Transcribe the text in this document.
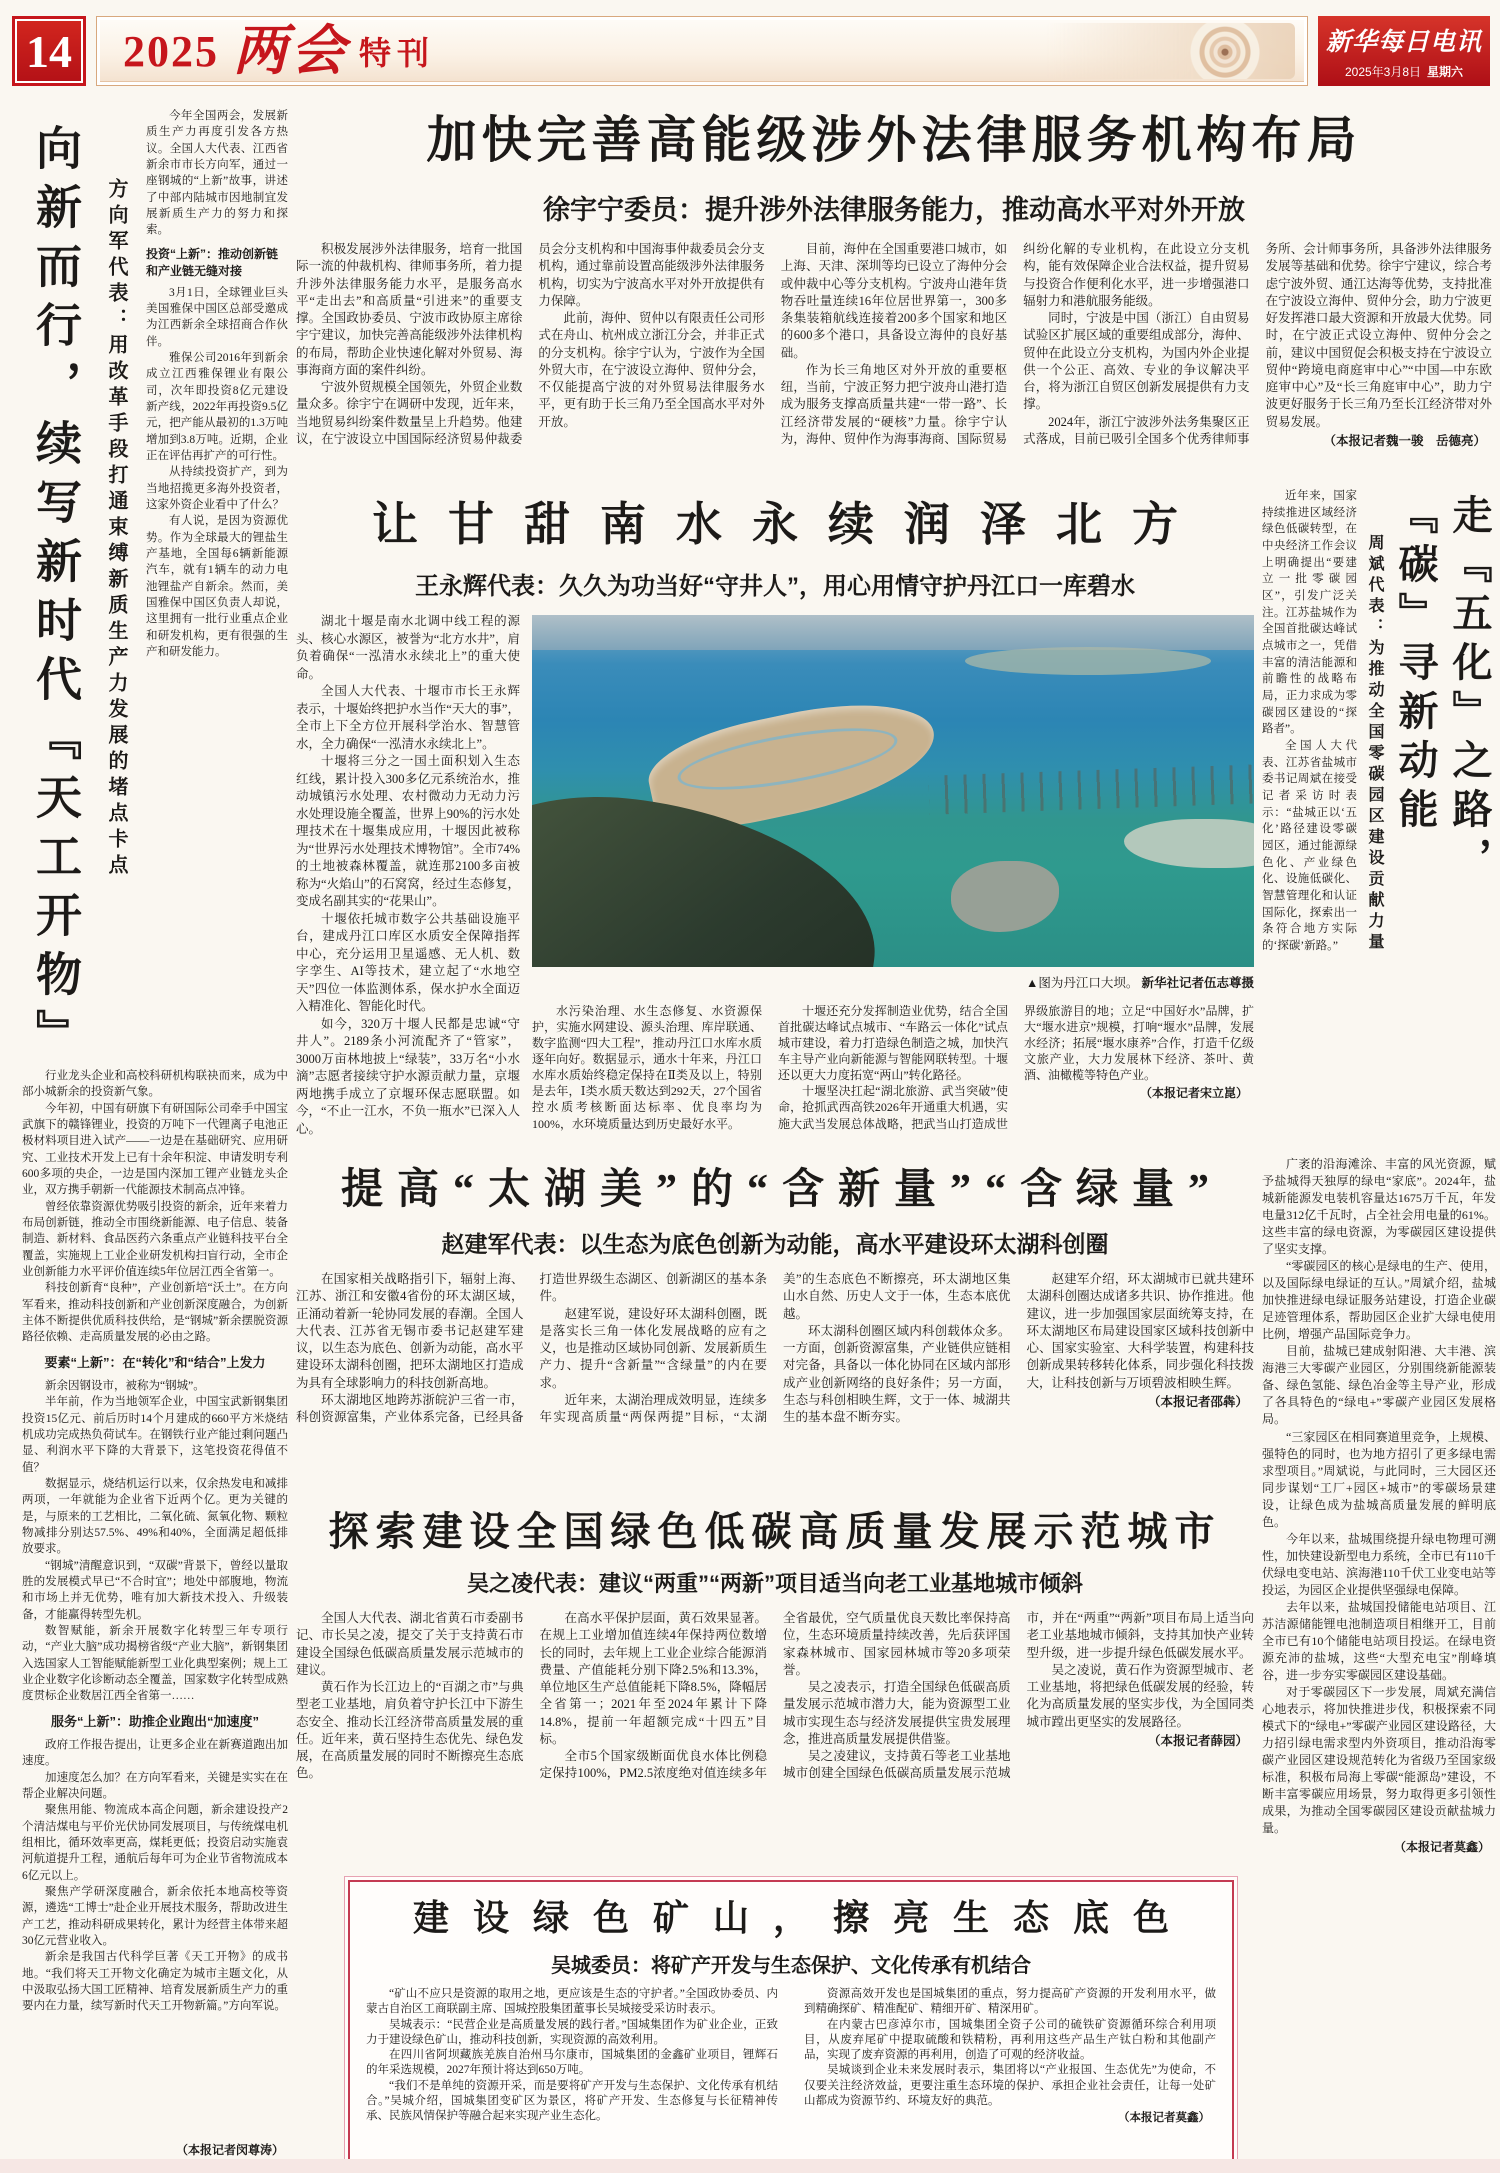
14	2025 两会 特刊	新华每日电讯
2025年3月8日 星期六
向新而行，续写新时代『天工开物』	方向军代表：用改革手段打通束缚新质生产力发展的堵点卡点

今年全国两会，发展新质生产力再度引发各方热议。全国人大代表、江西省新余市市长方向军，通过一座钢城的“上新”故事，讲述了中部内陆城市因地制宜发展新质生产力的努力和探索。

投资“上新”：推动创新链和产业链无缝对接

3月1日，全球锂业巨头美国雅保中国区总部受邀成为江西新余全球招商合作伙伴。

雅保公司2016年到新余成立江西雅保锂业有限公司，次年即投资8亿元建设新产线，2022年再投资9.5亿元，把产能从最初的1.3万吨增加到3.8万吨。近期，企业正在评估再扩产的可行性。

从持续投资扩产，到为当地招揽更多海外投资者，这家外资企业看中了什么？

有人说，是因为资源优势。作为全球最大的锂盐生产基地，全国每6辆新能源汽车，就有1辆车的动力电池锂盐产自新余。然而，美国雅保中国区负责人却说，这里拥有一批行业重点企业和研发机构，更有很强的生产和研发能力。

行业龙头企业和高校科研机构联袂而来，成为中部小城新余的投资新气象。

今年初，中国有研旗下有研国际公司牵手中国宝武旗下的赣锋锂业，投资的万吨下一代锂离子电池正极材料项目进入试产——一边是在基础研究、应用研究、工业技术开发上已有十余年积淀、申请发明专利600多项的央企，一边是国内深加工锂产业链龙头企业，双方携手朝新一代能源技术制高点冲锋。

曾经依靠资源优势吸引投资的新余，近年来着力布局创新链，推动全市围绕新能源、电子信息、装备制造、新材料、食品医药六条重点产业链科技平台全覆盖，实施规上工业企业研发机构扫盲行动，全市企业创新能力水平评价值连续5年位居江西全省第一。

科技创新育“良种”，产业创新培“沃土”。在方向军看来，推动科技创新和产业创新深度融合，为创新主体不断提供优质科技供给，是“钢城”新余摆脱资源路径依赖、走高质量发展的必由之路。

要素“上新”：在“转化”和“结合”上发力

新余因钢设市，被称为“钢城”。

半年前，作为当地领军企业，中国宝武新钢集团投资15亿元、前后历时14个月建成的660平方米烧结机成功完成热负荷试车。在钢铁行业产能过剩问题凸显、利润水平下降的大背景下，这笔投资花得值不值？

数据显示，烧结机运行以来，仅余热发电和减排两项，一年就能为企业省下近两个亿。更为关键的是，与原来的工艺相比，二氧化硫、氮氧化物、颗粒物减排分别达57.5%、49%和40%，全面满足超低排放要求。

“钢城”清醒意识到，“双碳”背景下，曾经以量取胜的发展模式早已“不合时宜”；地处中部腹地，物流和市场上并无优势，唯有加大新技术投入、升级装备，才能赢得转型先机。

数智赋能，新余开展数字化转型三年专项行动，“产业大脑”成功揭榜省级“产业大脑”，新钢集团入选国家人工智能赋能新型工业化典型案例；规上工业企业数字化诊断动态全覆盖，国家数字化转型成熟度贯标企业数居江西全省第一……

服务“上新”：助推企业跑出“加速度”

政府工作报告提出，让更多企业在新赛道跑出加速度。

加速度怎么加？在方向军看来，关键是实实在在帮企业解决问题。

聚焦用能、物流成本高企问题，新余建设投产2个清洁煤电与平价光伏协同发展项目，与传统煤电机组相比，循环效率更高，煤耗更低；投资启动实施袁河航道提升工程，通航后每年可为企业节省物流成本6亿元以上。

聚焦产学研深度融合，新余依托本地高校等资源，遴选“工博士”赴企业开展技术服务，帮助改进生产工艺，推动科研成果转化，累计为经营主体带来超30亿元营业收入。

新余是我国古代科学巨著《天工开物》的成书地。“我们将天工开物文化确定为城市主题文化，从中汲取弘扬大国工匠精神、培育发展新质生产力的重要内在力量，续写新时代天工开物新篇。”方向军说。

（本报记者闵尊涛）
加快完善高能级涉外法律服务机构布局
徐宇宁委员：提升涉外法律服务能力，推动高水平对外开放

积极发展涉外法律服务，培育一批国际一流的仲裁机构、律师事务所，着力提升涉外法律服务能力水平，是服务高水平“走出去”和高质量“引进来”的重要支撑。全国政协委员、宁波市政协原主席徐宇宁建议，加快完善高能级涉外法律机构的布局，帮助企业快速化解对外贸易、海事海商方面的案件纠纷。

宁波外贸规模全国领先，外贸企业数量众多。徐宇宁在调研中发现，近年来，当地贸易纠纷案件数量呈上升趋势。他建议，在宁波设立中国国际经济贸易仲裁委员会分支机构和中国海事仲裁委员会分支机构，通过靠前设置高能级涉外法律服务机构，切实为宁波高水平对外开放提供有力保障。

此前，海仲、贸仲以有限责任公司形式在舟山、杭州成立浙江分会，并非正式的分支机构。徐宇宁认为，宁波作为全国外贸大市，在宁波设立海仲、贸仲分会，不仅能提高宁波的对外贸易法律服务水平，更有助于长三角乃至全国高水平对外开放。

目前，海仲在全国重要港口城市，如上海、天津、深圳等均已设立了海仲分会或仲裁中心等分支机构。宁波舟山港年货物吞吐量连续16年位居世界第一，300多条集装箱航线连接着200多个国家和地区的600多个港口，具备设立海仲的良好基础。

作为长三角地区对外开放的重要枢纽，当前，宁波正努力把宁波舟山港打造成为服务支撑高质量共建“一带一路”、长江经济带发展的“硬核”力量。徐宇宁认为，海仲、贸仲作为海事海商、国际贸易纠纷化解的专业机构，在此设立分支机构，能有效保障企业合法权益，提升贸易与投资合作便利化水平，进一步增强港口辐射力和港航服务能级。

同时，宁波是中国（浙江）自由贸易试验区扩展区域的重要组成部分，海仲、贸仲在此设立分支机构，为国内外企业提供一个公正、高效、专业的争议解决平台，将为浙江自贸区创新发展提供有力支撑。

2024年，浙江宁波涉外法务集聚区正式落成，目前已吸引全国多个优秀律师事务所、会计师事务所，具备涉外法律服务发展等基础和优势。徐宇宁建议，综合考虑宁波外贸、通江达海等优势，支持批准在宁波设立海仲、贸仲分会，助力宁波更好发挥港口最大资源和开放最大优势。同时，在宁波正式设立海仲、贸仲分会之前，建议中国贸促会积极支持在宁波设立贸仲“跨境电商庭审中心”“中国—中东欧庭审中心”及“长三角庭审中心”，助力宁波更好服务于长三角乃至长江经济带对外贸易发展。

（本报记者魏一骏　岳德亮）

让甘甜南水永续润泽北方
王永辉代表：久久为功当好“守井人”，用心用情守护丹江口一库碧水

湖北十堰是南水北调中线工程的源头、核心水源区，被誉为“北方水井”，肩负着确保“一泓清水永续北上”的重大使命。

全国人大代表、十堰市市长王永辉表示，十堰始终把护水当作“天大的事”，全市上下全方位开展科学治水、智慧管水，全力确保“一泓清水永续北上”。

十堰将三分之一国土面积划入生态红线，累计投入300多亿元系统治水，推动城镇污水处理、农村微动力无动力污水处理设施全覆盖，世界上90%的污水处理技术在十堰集成应用，十堰因此被称为“世界污水处理技术博物馆”。全市74%的土地被森林覆盖，就连那2100多亩被称为“火焰山”的石窝窝，经过生态修复，变成名副其实的“花果山”。

十堰依托城市数字公共基础设施平台，建成丹江口库区水质安全保障指挥中心，充分运用卫星遥感、无人机、数字孪生、AI等技术，建立起了“水地空天”四位一体监测体系，保水护水全面迈入精准化、智能化时代。

如今，320万十堰人民都是忠诚“守井人”。2189条小河流配齐了“管家”，3000万亩林地披上“绿装”，33万名“小水滴”志愿者接续守护水源贡献力量，京堰两地携手成立了京堰环保志愿联盟。如今，“不止一江水，不负一瓶水”已深入人心。

▲图为丹江口大坝。 新华社记者伍志尊摄

水污染治理、水生态修复、水资源保护，实施水网建设、源头治理、库岸联通、数字监测“四大工程”，推动丹江口水库水质逐年向好。数据显示，通水十年来，丹江口水库水质始终稳定保持在Ⅱ类及以上，特别是去年，Ⅰ类水质天数达到292天，27个国省控水质考核断面达标率、优良率均为100%，水环境质量达到历史最好水平。

十堰还充分发挥制造业优势，结合全国首批碳达峰试点城市、“车路云一体化”试点城市建设，着力打造绿色制造之城，加快汽车主导产业向新能源与智能网联转型。十堰还以更大力度拓宽“两山”转化路径。

十堰坚决扛起“湖北旅游、武当突破”使命，抢抓武西高铁2026年开通重大机遇，实施大武当发展总体战略，把武当山打造成世界级旅游目的地；立足“中国好水”品牌，扩大“堰水进京”规模，打响“堰水”品牌，发展水经济；拓展“堰水康养”合作，打造千亿级文旅产业，大力发展林下经济、茶叶、黄酒、油橄榄等特色产业。

（本报记者宋立崑）

提高“太湖美”的“含新量”“含绿量”
赵建军代表：以生态为底色创新为动能，高水平建设环太湖科创圈

在国家相关战略指引下，辐射上海、江苏、浙江和安徽4省份的环太湖区域，正涌动着新一轮协同发展的春潮。全国人大代表、江苏省无锡市委书记赵建军建议，以生态为底色、创新为动能，高水平建设环太湖科创圈，把环太湖地区打造成为具有全球影响力的科技创新高地。

环太湖地区地跨苏浙皖沪三省一市，科创资源富集，产业体系完备，已经具备打造世界级生态湖区、创新湖区的基本条件。

赵建军说，建设好环太湖科创圈，既是落实长三角一体化发展战略的应有之义，也是推动区域协同创新、发展新质生产力、提升“含新量”“含绿量”的内在要求。

近年来，太湖治理成效明显，连续多年实现高质量“两保两提”目标，“太湖美”的生态底色不断擦亮，环太湖地区集山水自然、历史人文于一体，生态本底优越。

环太湖科创圈区域内科创载体众多。一方面，创新资源富集，产业链供应链相对完备，具备以一体化协同在区域内部形成产业创新网络的良好条件；另一方面，生态与科创相映生辉，文于一体、城湖共生的基本盘不断夯实。

赵建军介绍，环太湖城市已就共建环太湖科创圈达成诸多共识、协作推进。他建议，进一步加强国家层面统筹支持，在环太湖地区布局建设国家区域科技创新中心、国家实验室、大科学装置，构建科技创新成果转移转化体系，同步强化科技拨大，让科技创新与万顷碧波相映生辉。

（本报记者邵犇）

探索建设全国绿色低碳高质量发展示范城市
吴之凌代表：建议“两重”“两新”项目适当向老工业基地城市倾斜

全国人大代表、湖北省黄石市委副书记、市长吴之凌，提交了关于支持黄石市建设全国绿色低碳高质量发展示范城市的建议。

黄石作为长江边上的“百湖之市”与典型老工业基地，肩负着守护长江中下游生态安全、推动长江经济带高质量发展的重任。近年来，黄石坚持生态优先、绿色发展，在高质量发展的同时不断擦亮生态底色。

在高水平保护层面，黄石效果显著。在规上工业增加值连续4年保持两位数增长的同时，去年规上工业企业综合能源消费量、产值能耗分别下降2.5%和13.3%，单位地区生产总值能耗下降8.5%，降幅居全省第一；2021年至2024年累计下降14.8%，提前一年超额完成“十四五”目标。

全市5个国家级断面优良水体比例稳定保持100%，PM2.5浓度绝对值连续多年全省最优，空气质量优良天数比率保持高位，生态环境质量持续改善，先后获评国家森林城市、国家园林城市等20多项荣誉。

吴之凌表示，打造全国绿色低碳高质量发展示范城市潜力大，能为资源型工业城市实现生态与经济发展提供宝贵发展理念，推进高质量发展提供借鉴。

吴之凌建议，支持黄石等老工业基地城市创建全国绿色低碳高质量发展示范城市，并在“两重”“两新”项目布局上适当向老工业基地城市倾斜，支持其加快产业转型升级，进一步提升绿色低碳发展水平。

吴之凌说，黄石作为资源型城市、老工业基地，将把绿色低碳发展的经验，转化为高质量发展的坚实步伐，为全国同类城市蹚出更坚实的发展路径。

（本报记者薛园）

建设绿色矿山，擦亮生态底色
吴城委员：将矿产开发与生态保护、文化传承有机结合

“矿山不应只是资源的取用之地，更应该是生态的守护者。”全国政协委员、内蒙古自治区工商联副主席、国城控股集团董事长吴城接受采访时表示。

吴城表示：“民营企业是高质量发展的践行者。”国城集团作为矿业企业，正致力于建设绿色矿山，推动科技创新，实现资源的高效利用。

在四川省阿坝藏族羌族自治州马尔康市，国城集团的金鑫矿业项目，锂辉石的年采选规模，2027年预计将达到650万吨。

“我们不是单纯的资源开采，而是要将矿产开发与生态保护、文化传承有机结合。”吴城介绍，国城集团变矿区为景区，将矿产开发、生态修复与长征精神传承、民族风情保护等融合起来实现产业生态化。

资源高效开发也是国城集团的重点，努力提高矿产资源的开发利用水平，做到精确探矿、精准配矿、精细开矿、精深用矿。

在内蒙古巴彦淖尔市，国城集团全资子公司的硫铁矿资源循环综合利用项目，从废弃尾矿中提取硫酸和铁精粉，再利用这些产品生产钛白粉和其他副产品，实现了废弃资源的再利用，创造了可观的经济收益。

吴城谈到企业未来发展时表示，集团将以“产业报国、生态优先”为使命，不仅要关注经济效益，更要注重生态环境的保护、承担企业社会责任，让每一处矿山都成为资源节约、环境友好的典范。

（本报记者莫鑫）

近年来，国家持续推进区域经济绿色低碳转型，在中央经济工作会议上明确提出“要建立一批零碳园区”，引发广泛关注。江苏盐城作为全国首批碳达峰试点城市之一，凭借丰富的清洁能源和前瞻性的战略布局，正力求成为零碳园区建设的“探路者”。

全国人大代表、江苏省盐城市委书记周斌在接受记者采访时表示：“盐城正以‘五化’路径建设零碳园区，通过能源绿色化、产业绿色化、设施低碳化、智慧管理化和认证国际化，探索出一条符合地方实际的‘探碳’新路。”	周斌代表：为推动全国零碳园区建设贡献力量 走『五化』之路，
『碳』寻新动能

广袤的沿海滩涂、丰富的风光资源，赋予盐城得天独厚的绿电“家底”。2024年，盐城新能源发电装机容量达1675万千瓦，年发电量312亿千瓦时，占全社会用电量的61%。这些丰富的绿电资源，为零碳园区建设提供了坚实支撑。

“零碳园区的核心是绿电的生产、使用，以及国际绿电绿证的互认。”周斌介绍，盐城加快推进绿电绿证服务站建设，打造企业碳足迹管理体系，帮助园区企业扩大绿电使用比例，增强产品国际竞争力。

目前，盐城已建成射阳港、大丰港、滨海港三大零碳产业园区，分别围绕新能源装备、绿色氢能、绿色冶金等主导产业，形成了各具特色的“绿电+”零碳产业园区发展格局。

“三家园区在相同赛道里竞争，上规模、强特色的同时，也为地方招引了更多绿电需求型项目。”周斌说，与此同时，三大园区还同步谋划“工厂+园区+城市”的零碳场景建设，让绿色成为盐城高质量发展的鲜明底色。

今年以来，盐城围绕提升绿电物理可溯性，加快建设新型电力系统，全市已有110千伏绿电变电站、滨海港110千伏工业变电站等投运，为园区企业提供坚强绿电保障。

去年以来，盐城国投储能电站项目、江苏洁源储能锂电池制造项目相继开工，目前全市已有10个储能电站项目投运。在绿电资源充沛的盐城，这些“大型充电宝”削峰填谷，进一步夯实零碳园区建设基础。

对于零碳园区下一步发展，周斌充满信心地表示，将加快推进步伐，积极探索不同模式下的“绿电+”零碳产业园区建设路径，大力招引绿电需求型内外资项目，推动沿海零碳产业园区建设规范转化为省级乃至国家级标准，积极布局海上零碳“能源岛”建设，不断丰富零碳应用场景，努力取得更多引领性成果，为推动全国零碳园区建设贡献盐城力量。

（本报记者莫鑫）
